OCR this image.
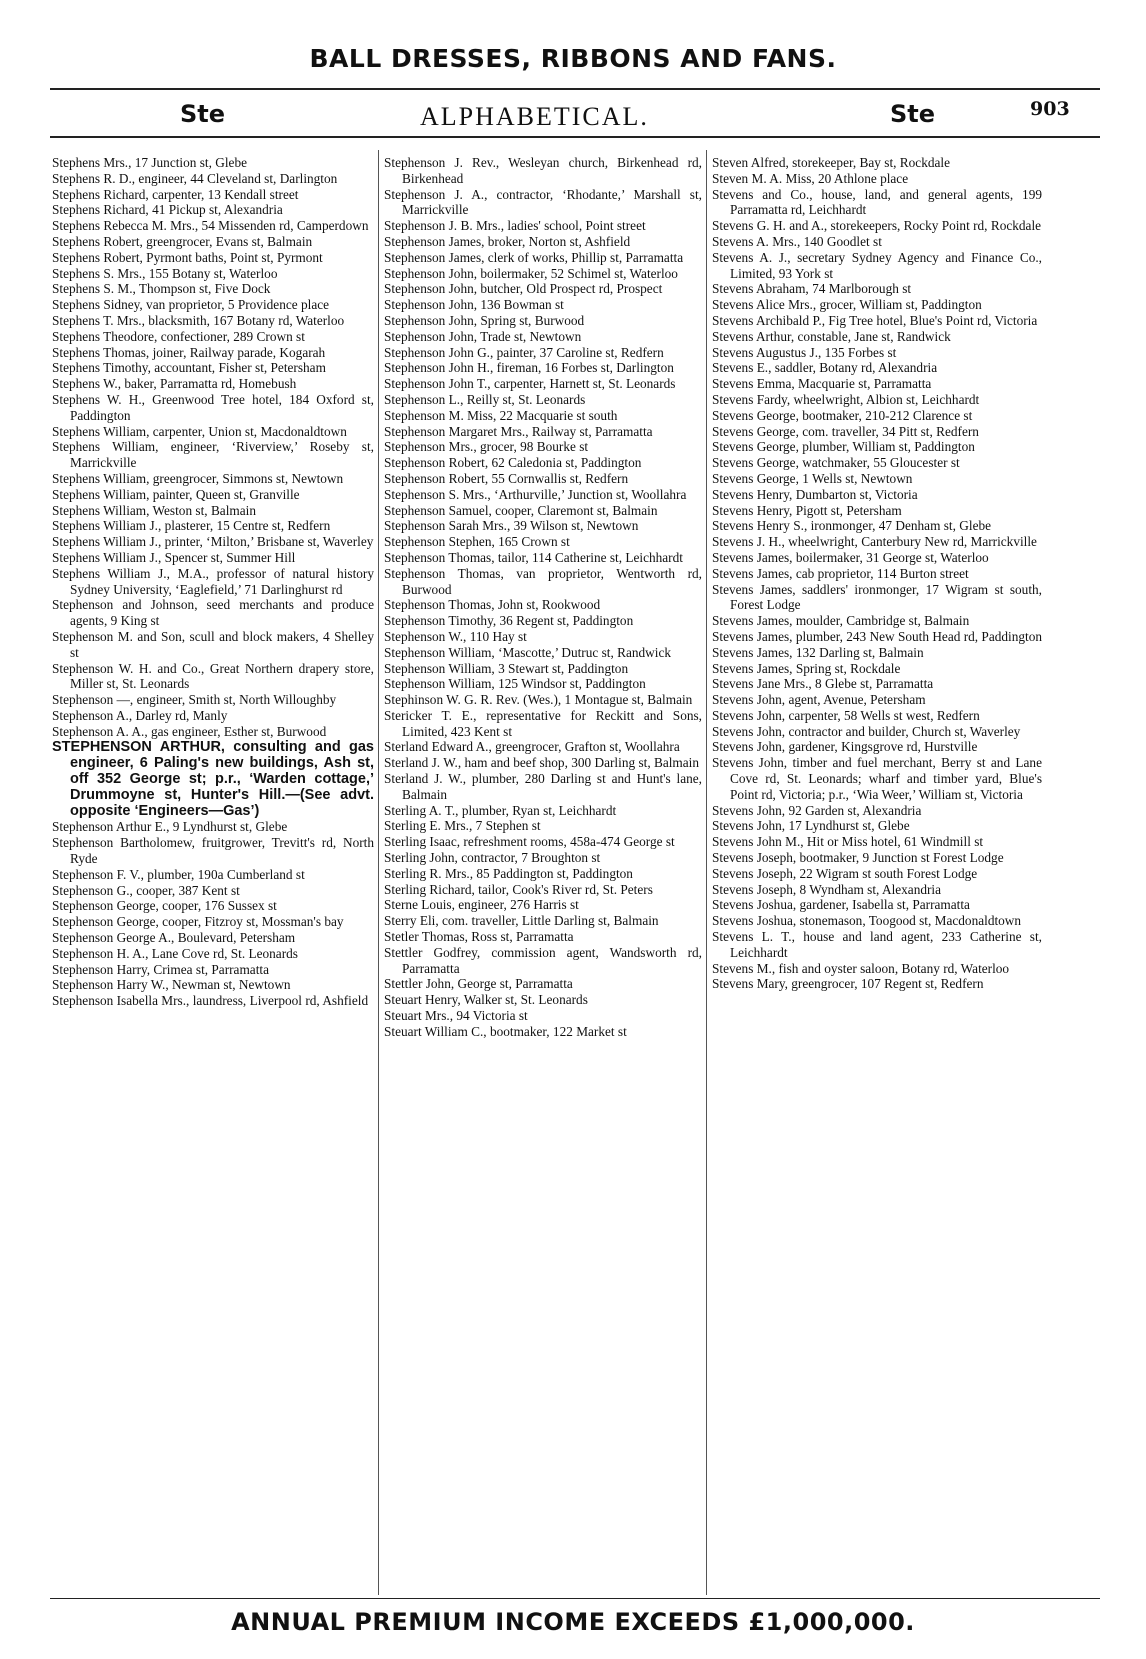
BALL DRESSES, RIBBONS AND FANS.
Ste	ALPHABETICAL.	Ste	903

Stephens Mrs., 17 Junction st, Glebe

Stephens R. D., engineer, 44 Cleveland st, Darlington

Stephens Richard, carpenter, 13 Kendall street

Stephens Richard, 41 Pickup st, Alexandria

Stephens Rebecca M. Mrs., 54 Missenden rd, Camperdown

Stephens Robert, greengrocer, Evans st, Balmain

Stephens Robert, Pyrmont baths, Point st, Pyrmont

Stephens S. Mrs., 155 Botany st, Waterloo

Stephens S. M., Thompson st, Five Dock

Stephens Sidney, van proprietor, 5 Providence place

Stephens T. Mrs., blacksmith, 167 Botany rd, Waterloo

Stephens Theodore, confectioner, 289 Crown st

Stephens Thomas, joiner, Railway parade, Kogarah

Stephens Timothy, accountant, Fisher st, Petersham

Stephens W., baker, Parramatta rd, Homebush

Stephens W. H., Greenwood Tree hotel, 184 Oxford st, Paddington

Stephens William, carpenter, Union st, Macdonaldtown

Stephens William, engineer, ‘Riverview,’ Roseby st, Marrickville

Stephens William, greengrocer, Simmons st, Newtown

Stephens William, painter, Queen st, Granville

Stephens William, Weston st, Balmain

Stephens William J., plasterer, 15 Centre st, Redfern

Stephens William J., printer, ‘Milton,’ Brisbane st, Waverley

Stephens William J., Spencer st, Summer Hill

Stephens William J., M.A., professor of natural history Sydney University, ‘Eaglefield,’ 71 Darlinghurst rd

Stephenson and Johnson, seed merchants and produce agents, 9 King st

Stephenson M. and Son, scull and block makers, 4 Shelley st

Stephenson W. H. and Co., Great Northern drapery store, Miller st, St. Leonards

Stephenson —, engineer, Smith st, North Willoughby

Stephenson A., Darley rd, Manly

Stephenson A. A., gas engineer, Esther st, Burwood

STEPHENSON ARTHUR, consulting and gas engineer, 6 Paling's new buildings, Ash st, off 352 George st; p.r., ‘Warden cottage,’ Drummoyne st, Hunter's Hill.—(See advt. opposite ‘Engineers—Gas’)

Stephenson Arthur E., 9 Lyndhurst st, Glebe

Stephenson Bartholomew, fruitgrower, Trevitt's rd, North Ryde

Stephenson F. V., plumber, 190a Cumberland st

Stephenson G., cooper, 387 Kent st

Stephenson George, cooper, 176 Sussex st

Stephenson George, cooper, Fitzroy st, Mossman's bay

Stephenson George A., Boulevard, Petersham

Stephenson H. A., Lane Cove rd, St. Leonards

Stephenson Harry, Crimea st, Parramatta

Stephenson Harry W., Newman st, Newtown

Stephenson Isabella Mrs., laundress, Liverpool rd, Ashfield

Stephenson J. Rev., Wesleyan church, Birkenhead rd, Birkenhead

Stephenson J. A., contractor, ‘Rhodante,’ Marshall st, Marrickville

Stephenson J. B. Mrs., ladies' school, Point street

Stephenson James, broker, Norton st, Ashfield

Stephenson James, clerk of works, Phillip st, Parramatta

Stephenson John, boilermaker, 52 Schimel st, Waterloo

Stephenson John, butcher, Old Prospect rd, Prospect

Stephenson John, 136 Bowman st

Stephenson John, Spring st, Burwood

Stephenson John, Trade st, Newtown

Stephenson John G., painter, 37 Caroline st, Redfern

Stephenson John H., fireman, 16 Forbes st, Darlington

Stephenson John T., carpenter, Harnett st, St. Leonards

Stephenson L., Reilly st, St. Leonards

Stephenson M. Miss, 22 Macquarie st south

Stephenson Margaret Mrs., Railway st, Parramatta

Stephenson Mrs., grocer, 98 Bourke st

Stephenson Robert, 62 Caledonia st, Paddington

Stephenson Robert, 55 Cornwallis st, Redfern

Stephenson S. Mrs., ‘Arthurville,’ Junction st, Woollahra

Stephenson Samuel, cooper, Claremont st, Balmain

Stephenson Sarah Mrs., 39 Wilson st, Newtown

Stephenson Stephen, 165 Crown st

Stephenson Thomas, tailor, 114 Catherine st, Leichhardt

Stephenson Thomas, van proprietor, Wentworth rd, Burwood

Stephenson Thomas, John st, Rookwood

Stephenson Timothy, 36 Regent st, Paddington

Stephenson W., 110 Hay st

Stephenson William, ‘Mascotte,’ Dutruc st, Randwick

Stephenson William, 3 Stewart st, Paddington

Stephenson William, 125 Windsor st, Paddington

Stephinson W. G. R. Rev. (Wes.), 1 Montague st, Balmain

Stericker T. E., representative for Reckitt and Sons, Limited, 423 Kent st

Sterland Edward A., greengrocer, Grafton st, Woollahra

Sterland J. W., ham and beef shop, 300 Darling st, Balmain

Sterland J. W., plumber, 280 Darling st and Hunt's lane, Balmain

Sterling A. T., plumber, Ryan st, Leichhardt

Sterling E. Mrs., 7 Stephen st

Sterling Isaac, refreshment rooms, 458a-474 George st

Sterling John, contractor, 7 Broughton st

Sterling R. Mrs., 85 Paddington st, Paddington

Sterling Richard, tailor, Cook's River rd, St. Peters

Sterne Louis, engineer, 276 Harris st

Sterry Eli, com. traveller, Little Darling st, Balmain

Stetler Thomas, Ross st, Parramatta

Stettler Godfrey, commission agent, Wandsworth rd, Parramatta

Stettler John, George st, Parramatta

Steuart Henry, Walker st, St. Leonards

Steuart Mrs., 94 Victoria st

Steuart William C., bootmaker, 122 Market st

Steven Alfred, storekeeper, Bay st, Rockdale

Steven M. A. Miss, 20 Athlone place

Stevens and Co., house, land, and general agents, 199 Parramatta rd, Leichhardt

Stevens G. H. and A., storekeepers, Rocky Point rd, Rockdale

Stevens A. Mrs., 140 Goodlet st

Stevens A. J., secretary Sydney Agency and Finance Co., Limited, 93 York st

Stevens Abraham, 74 Marlborough st

Stevens Alice Mrs., grocer, William st, Paddington

Stevens Archibald P., Fig Tree hotel, Blue's Point rd, Victoria

Stevens Arthur, constable, Jane st, Randwick

Stevens Augustus J., 135 Forbes st

Stevens E., saddler, Botany rd, Alexandria

Stevens Emma, Macquarie st, Parramatta

Stevens Fardy, wheelwright, Albion st, Leichhardt

Stevens George, bootmaker, 210-212 Clarence st

Stevens George, com. traveller, 34 Pitt st, Redfern

Stevens George, plumber, William st, Paddington

Stevens George, watchmaker, 55 Gloucester st

Stevens George, 1 Wells st, Newtown

Stevens Henry, Dumbarton st, Victoria

Stevens Henry, Pigott st, Petersham

Stevens Henry S., ironmonger, 47 Denham st, Glebe

Stevens J. H., wheelwright, Canterbury New rd, Marrickville

Stevens James, boilermaker, 31 George st, Waterloo

Stevens James, cab proprietor, 114 Burton street

Stevens James, saddlers' ironmonger, 17 Wigram st south, Forest Lodge

Stevens James, moulder, Cambridge st, Balmain

Stevens James, plumber, 243 New South Head rd, Paddington

Stevens James, 132 Darling st, Balmain

Stevens James, Spring st, Rockdale

Stevens Jane Mrs., 8 Glebe st, Parramatta

Stevens John, agent, Avenue, Petersham

Stevens John, carpenter, 58 Wells st west, Redfern

Stevens John, contractor and builder, Church st, Waverley

Stevens John, gardener, Kingsgrove rd, Hurstville

Stevens John, timber and fuel merchant, Berry st and Lane Cove rd, St. Leonards; wharf and timber yard, Blue's Point rd, Victoria; p.r., ‘Wia Weer,’ William st, Victoria

Stevens John, 92 Garden st, Alexandria

Stevens John, 17 Lyndhurst st, Glebe

Stevens John M., Hit or Miss hotel, 61 Windmill st

Stevens Joseph, bootmaker, 9 Junction st Forest Lodge

Stevens Joseph, 22 Wigram st south Forest Lodge

Stevens Joseph, 8 Wyndham st, Alexandria

Stevens Joshua, gardener, Isabella st, Parramatta

Stevens Joshua, stonemason, Toogood st, Macdonaldtown

Stevens L. T., house and land agent, 233 Catherine st, Leichhardt

Stevens M., fish and oyster saloon, Botany rd, Waterloo

Stevens Mary, greengrocer, 107 Regent st, Redfern

ANNUAL PREMIUM INCOME EXCEEDS £1,000,000.
